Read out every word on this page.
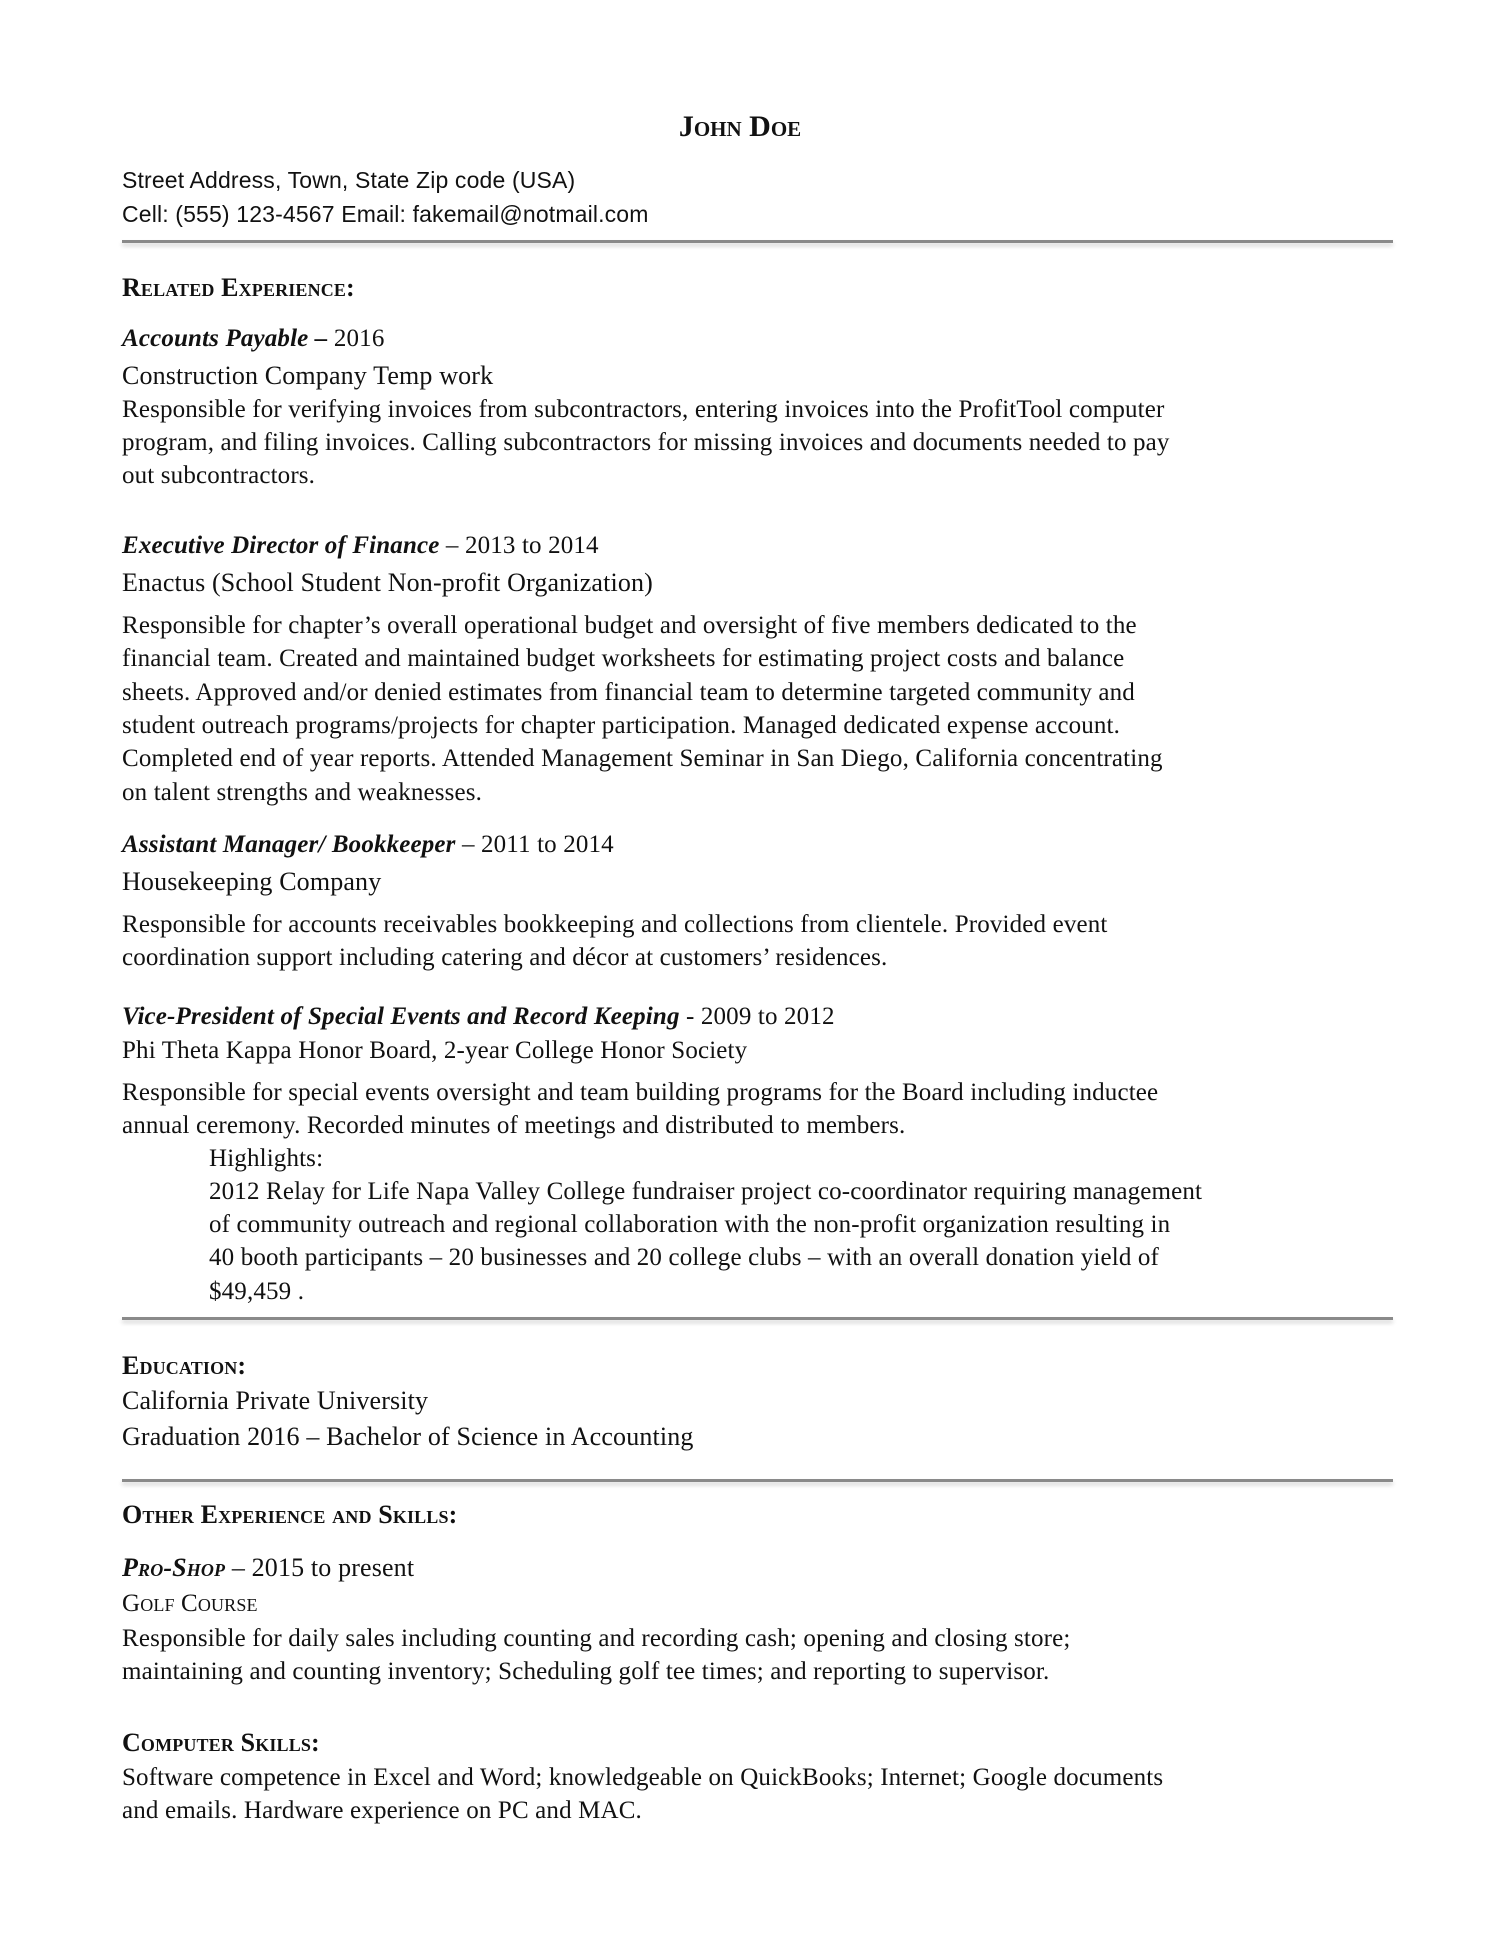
John Doe
Street Address, Town, State Zip code (USA)
Cell: (555) 123-4567 Email: fakemail@notmail.com
Related Experience:
Accounts Payable – 2016
Construction Company Temp work
Responsible for verifying invoices from subcontractors, entering invoices into the ProfitTool computer
program, and filing invoices. Calling subcontractors for missing invoices and documents needed to pay
out subcontractors.
Executive Director of Finance – 2013 to 2014
Enactus (School Student Non-profit Organization)
Responsible for chapter’s overall operational budget and oversight of five members dedicated to the
financial team. Created and maintained budget worksheets for estimating project costs and balance
sheets. Approved and/or denied estimates from financial team to determine targeted community and
student outreach programs/projects for chapter participation. Managed dedicated expense account.
Completed end of year reports. Attended Management Seminar in San Diego, California concentrating
on talent strengths and weaknesses.
Assistant Manager/ Bookkeeper – 2011 to 2014
Housekeeping Company
Responsible for accounts receivables bookkeeping and collections from clientele. Provided event
coordination support including catering and décor at customers’ residences.
Vice-President of Special Events and Record Keeping - 2009 to 2012
Phi Theta Kappa Honor Board, 2-year College Honor Society
Responsible for special events oversight and team building programs for the Board including inductee
annual ceremony. Recorded minutes of meetings and distributed to members.
Highlights:
2012 Relay for Life Napa Valley College fundraiser project co-coordinator requiring management
of community outreach and regional collaboration with the non-profit organization resulting in
40 booth participants – 20 businesses and 20 college clubs – with an overall donation yield of
$49,459 .
Education:
California Private University
Graduation 2016 – Bachelor of Science in Accounting
Other Experience and Skills:
Pro-Shop – 2015 to present
Golf Course
Responsible for daily sales including counting and recording cash; opening and closing store;
maintaining and counting inventory; Scheduling golf tee times; and reporting to supervisor.
Computer Skills:
Software competence in Excel and Word; knowledgeable on QuickBooks; Internet; Google documents
and emails. Hardware experience on PC and MAC.
